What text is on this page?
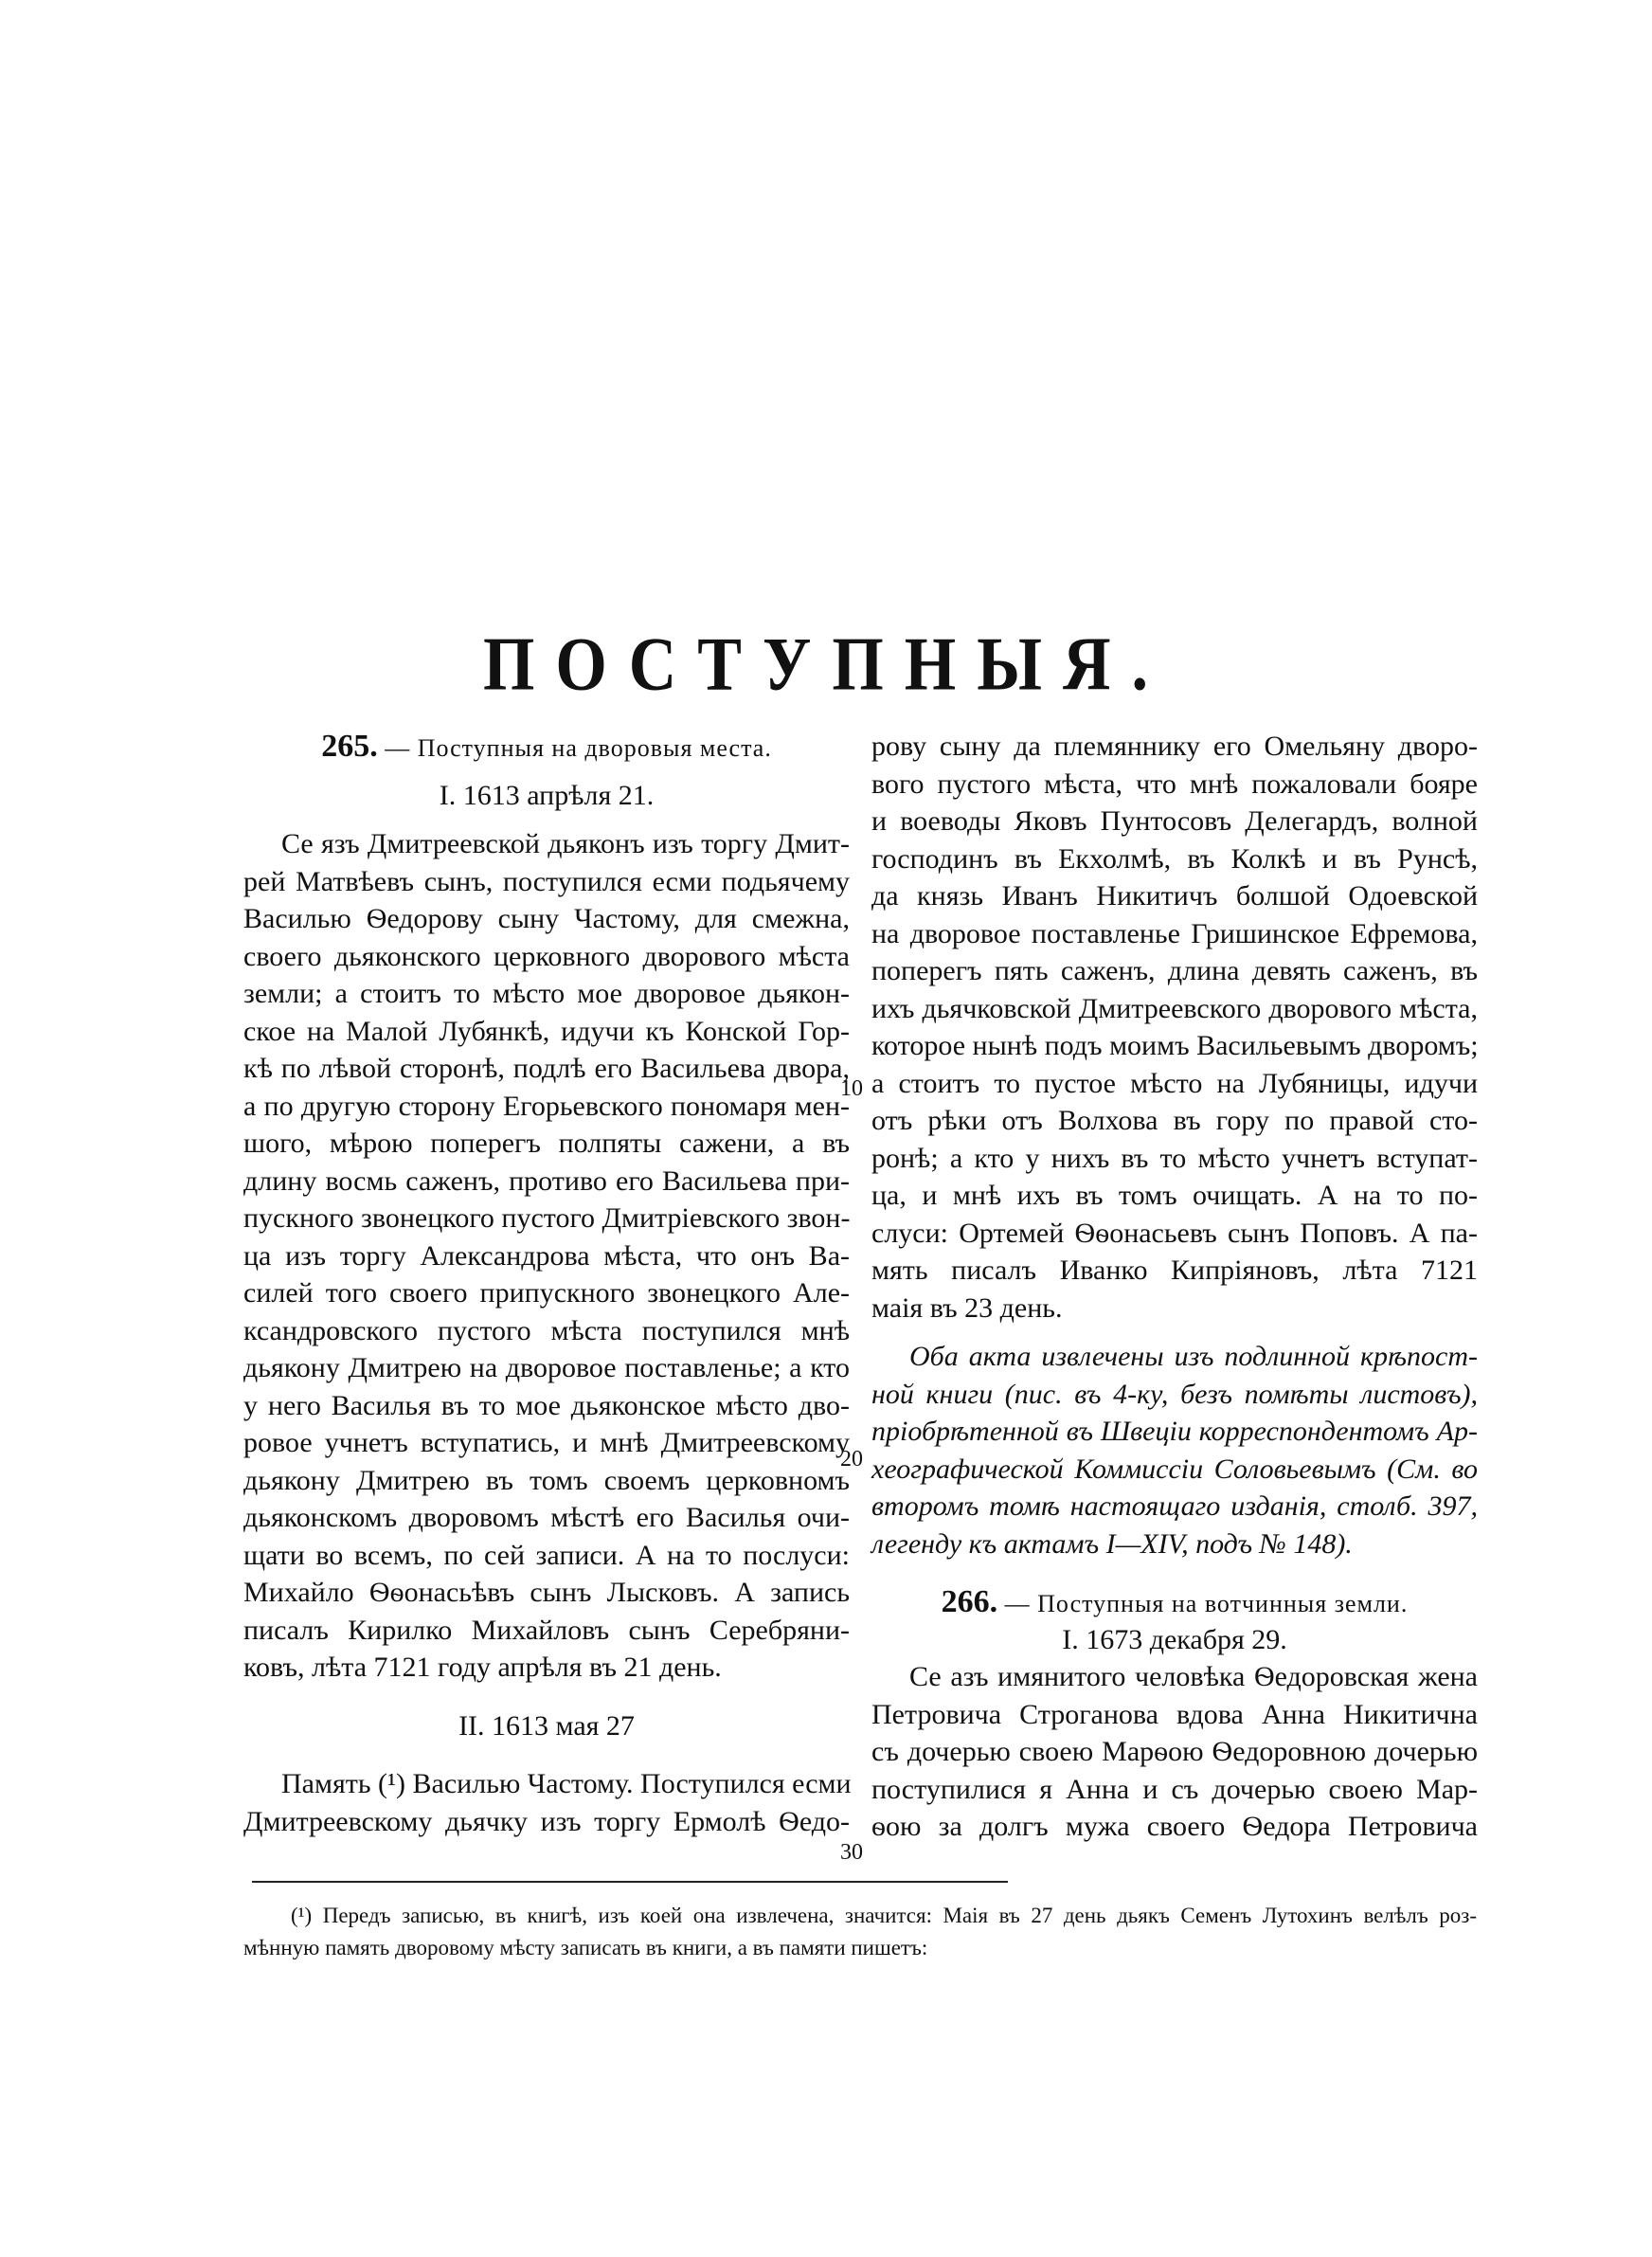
ПОСТУПНЫЯ.
265. — Поступныя на дворовыя места.
I. 1613 апрѣля 21.
Се язъ Дмитреевской дьяконъ изъ торгу Дмит-
рей Матвѣевъ сынъ, поступился есми подьячему
Василью Ѳедорову сыну Частому, для смежна,
своего дьяконского церковного дворового мѣста
земли; а стоитъ то мѣсто мое дворовое дьякон-
ское на Малой Лубянкѣ, идучи къ Конской Гор-
кѣ по лѣвой сторонѣ, подлѣ его Васильева двора,
а по другую сторону Егорьевского пономаря мен-
шого, мѣрою поперегъ полпяты сажени, а въ
длину восмь саженъ, противо его Васильева при-
пускного звонецкого пустого Дмитріевского звон-
ца изъ торгу Александрова мѣста, что онъ Ва-
силей того своего припускного звонецкого Але-
ксандровского пустого мѣста поступился мнѣ
дьякону Дмитрею на дворовое поставленье; а кто
у него Василья въ то мое дьяконское мѣсто дво-
ровое учнетъ вступатись, и мнѣ Дмитреевскому
дьякону Дмитрею въ томъ своемъ церковномъ
дьяконскомъ дворовомъ мѣстѣ его Василья очи-
щати во всемъ, по сей записи. А на то послуси:
Михайло Ѳѳонасьѣвъ сынъ Лысковъ. А запись
писалъ Кирилко Михайловъ сынъ Серебряни-
ковъ, лѣта 7121 году апрѣля въ 21 день.
II. 1613 мая 27
Память (¹) Василью Частому. Поступился есми
Дмитреевскому дьячку изъ торгу Ермолѣ Ѳедо-
рову сыну да племяннику его Омельяну дворо-
вого пустого мѣста, что мнѣ пожаловали бояре
и воеводы Яковъ Пунтосовъ Делегардъ, волной
господинъ въ Екхолмѣ, въ Колкѣ и въ Рунсѣ,
да князь Иванъ Никитичъ болшой Одоевской
на дворовое поставленье Гришинское Ефремова,
поперегъ пять саженъ, длина девять саженъ, въ
ихъ дьячковской Дмитреевского дворового мѣста,
которое нынѣ подъ моимъ Васильевымъ дворомъ;
а стоитъ то пустое мѣсто на Лубяницы, идучи
отъ рѣки отъ Волхова въ гору по правой сто-
ронѣ; а кто у нихъ въ то мѣсто учнетъ вступат-
ца, и мнѣ ихъ въ томъ очищать. А на то по-
слуси: Ортемей Ѳѳонасьевъ сынъ Поповъ. А па-
мять писалъ Иванко Кипріяновъ, лѣта 7121
маія въ 23 день.
Оба акта извлечены изъ подлинной крѣпост-
ной книги (пис. въ 4-ку, безъ помѣты листовъ),
пріобрѣтенной въ Швеціи корреспондентомъ Ар-
хеографической Коммиссіи Соловьевымъ (См. во
второмъ томѣ настоящаго изданія, столб. 397,
легенду къ актамъ I—XIV, подъ № 148).
266. — Поступныя на вотчинныя земли.
I. 1673 декабря 29.
Се азъ имянитого человѣка Ѳедоровская жена
Петровича Строганова вдова Анна Никитична
съ дочерью своею Марѳою Ѳедоровною дочерью
поступилися я Анна и съ дочерью своею Мар-
ѳою за долгъ мужа своего Ѳедора Петровича
10
20
30
(¹) Передъ записью, въ книгѣ, изъ коей она извлечена, значится: Маія въ 27 день дьякъ Семенъ Лутохинъ велѣлъ роз-
мѣнную память дворовому мѣсту записать въ книги, а въ памяти пишетъ:
